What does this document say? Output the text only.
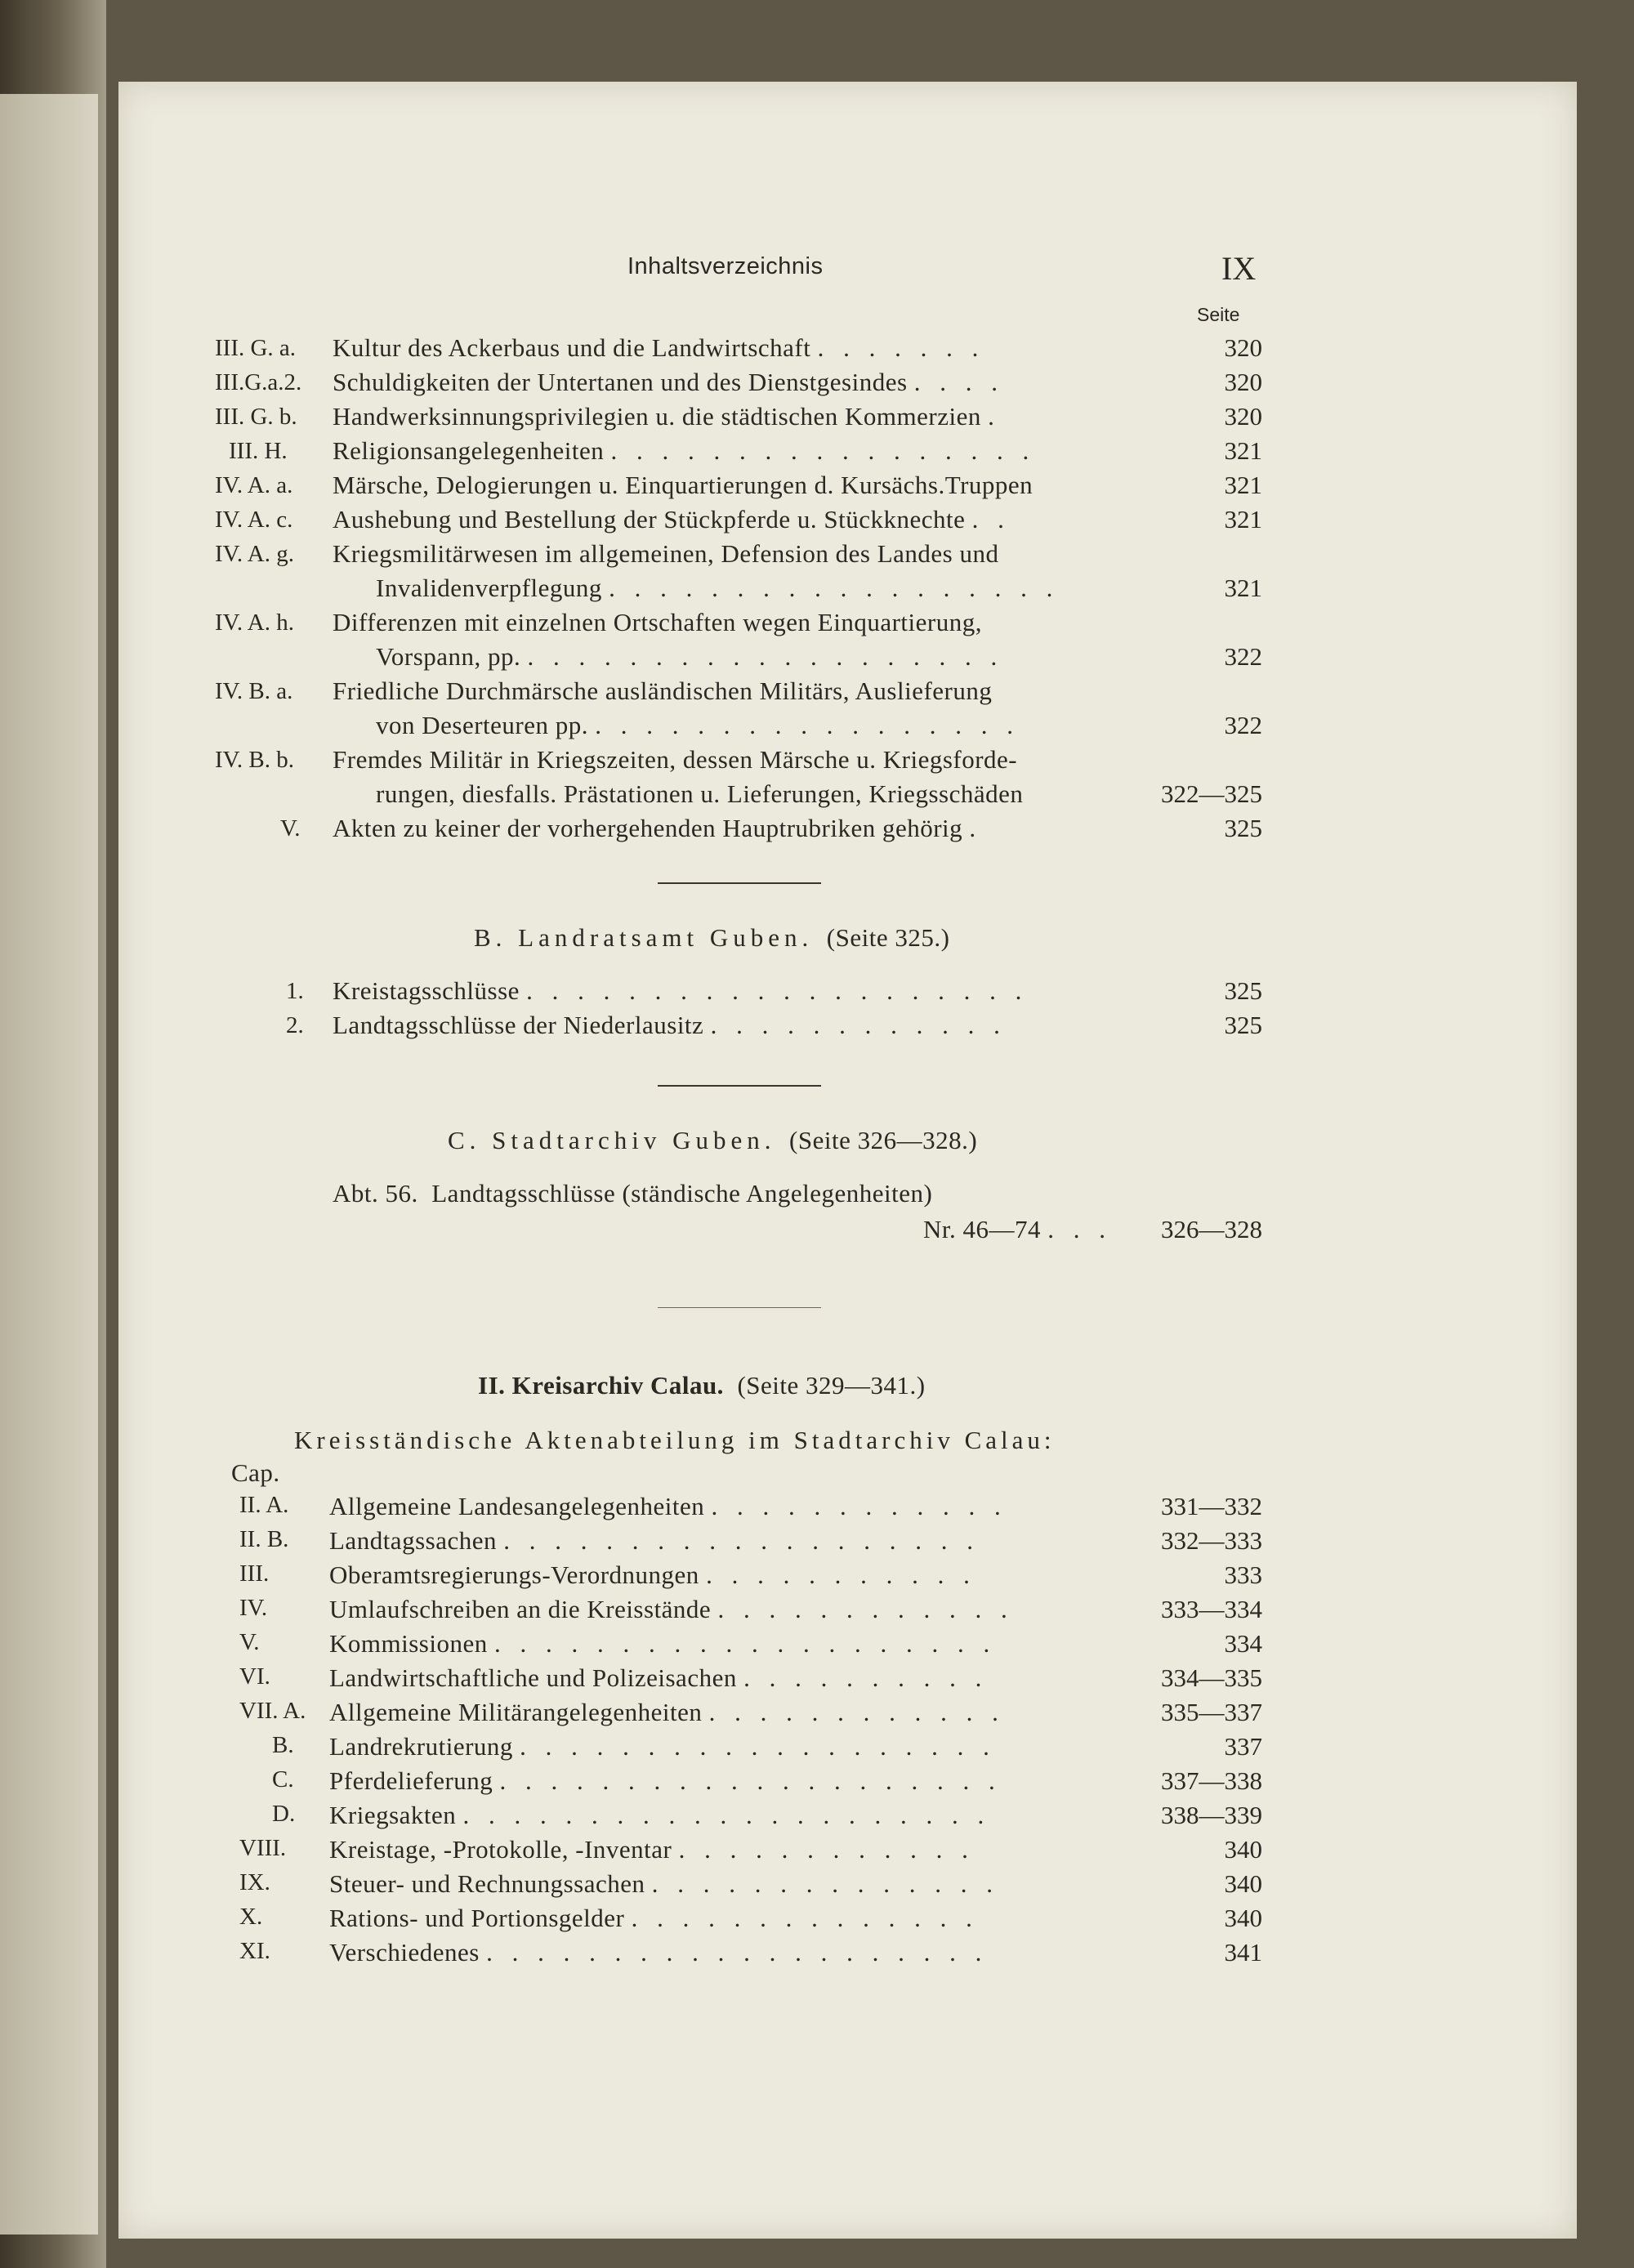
Inhaltsverzeichnis	IX
Seite
III. G. a. Kultur des Ackerbaus und die Landwirtschaft . . . . . . .	320
III.G.a.2. Schuldigkeiten der Untertanen und des Dienstgesindes . . . .	320
III. G. b. Handwerksinnungsprivilegien u. die städtischen Kommerzien .	320
III. H. Religionsangelegenheiten . . . . . . . . . . . . . . . . .	321
IV. A. a. Märsche, Delogierungen u. Einquartierungen d. Kursächs.Truppen	321
IV. A. c. Aushebung und Bestellung der Stückpferde u. Stückknechte . .	321
IV. A. g. Kriegsmilitärwesen im allgemeinen, Defension des Landes und
Invalidenverpflegung . . . . . . . . . . . . . . . . . .	321
IV. A. h. Differenzen mit einzelnen Ortschaften wegen Einquartierung,
Vorspann, pp. . . . . . . . . . . . . . . . . . . .	322
IV. B. a. Friedliche Durchmärsche ausländischen Militärs, Auslieferung
von Deserteuren pp. . . . . . . . . . . . . . . . . .	322
IV. B. b. Fremdes Militär in Kriegszeiten, dessen Märsche u. Kriegsforde-
rungen, diesfalls. Prästationen u. Lieferungen, Kriegsschäden	322—325
V. Akten zu keiner der vorhergehenden Hauptrubriken gehörig .	325
B. Landratsamt Guben. (Seite 325.)
1. Kreistagsschlüsse . . . . . . . . . . . . . . . . . . . .	325
2. Landtagsschlüsse der Niederlausitz . . . . . . . . . . . .	325
C. Stadtarchiv Guben. (Seite 326—328.)
Abt. 56. Landtagsschlüsse (ständische Angelegenheiten)
Nr. 46—74 . . .	326—328
II. Kreisarchiv Calau. (Seite 329—341.)
Kreisständische Aktenabteilung im Stadtarchiv Calau:
Cap.
II. A. Allgemeine Landesangelegenheiten . . . . . . . . . . . .	331—332
II. B. Landtagssachen . . . . . . . . . . . . . . . . . . .	332—333
III. Oberamtsregierungs-Verordnungen . . . . . . . . . . .	333
IV. Umlaufschreiben an die Kreisstände . . . . . . . . . . . .	333—334
V.	Kommissionen . . . . . . . . . . . . . . . . . . . .	334
VI. Landwirtschaftliche und Polizeisachen . . . . . . . . . .	334—335
VII. A. Allgemeine Militärangelegenheiten . . . . . . . . . . . .	335—337
B. Landrekrutierung . . . . . . . . . . . . . . . . . . .	337
C. Pferdelieferung . . . . . . . . . . . . . . . . . . . .	337—338
D. Kriegsakten . . . . . . . . . . . . . . . . . . . . .	338—339
VIII. Kreistage, -Protokolle, -Inventar . . . . . . . . . . . .	340
IX. Steuer- und Rechnungssachen . . . . . . . . . . . . . .	340
X.	Rations- und Portionsgelder . . . . . . . . . . . . . .	340
XI. Verschiedenes . . . . . . . . . . . . . . . . . . . .	341
